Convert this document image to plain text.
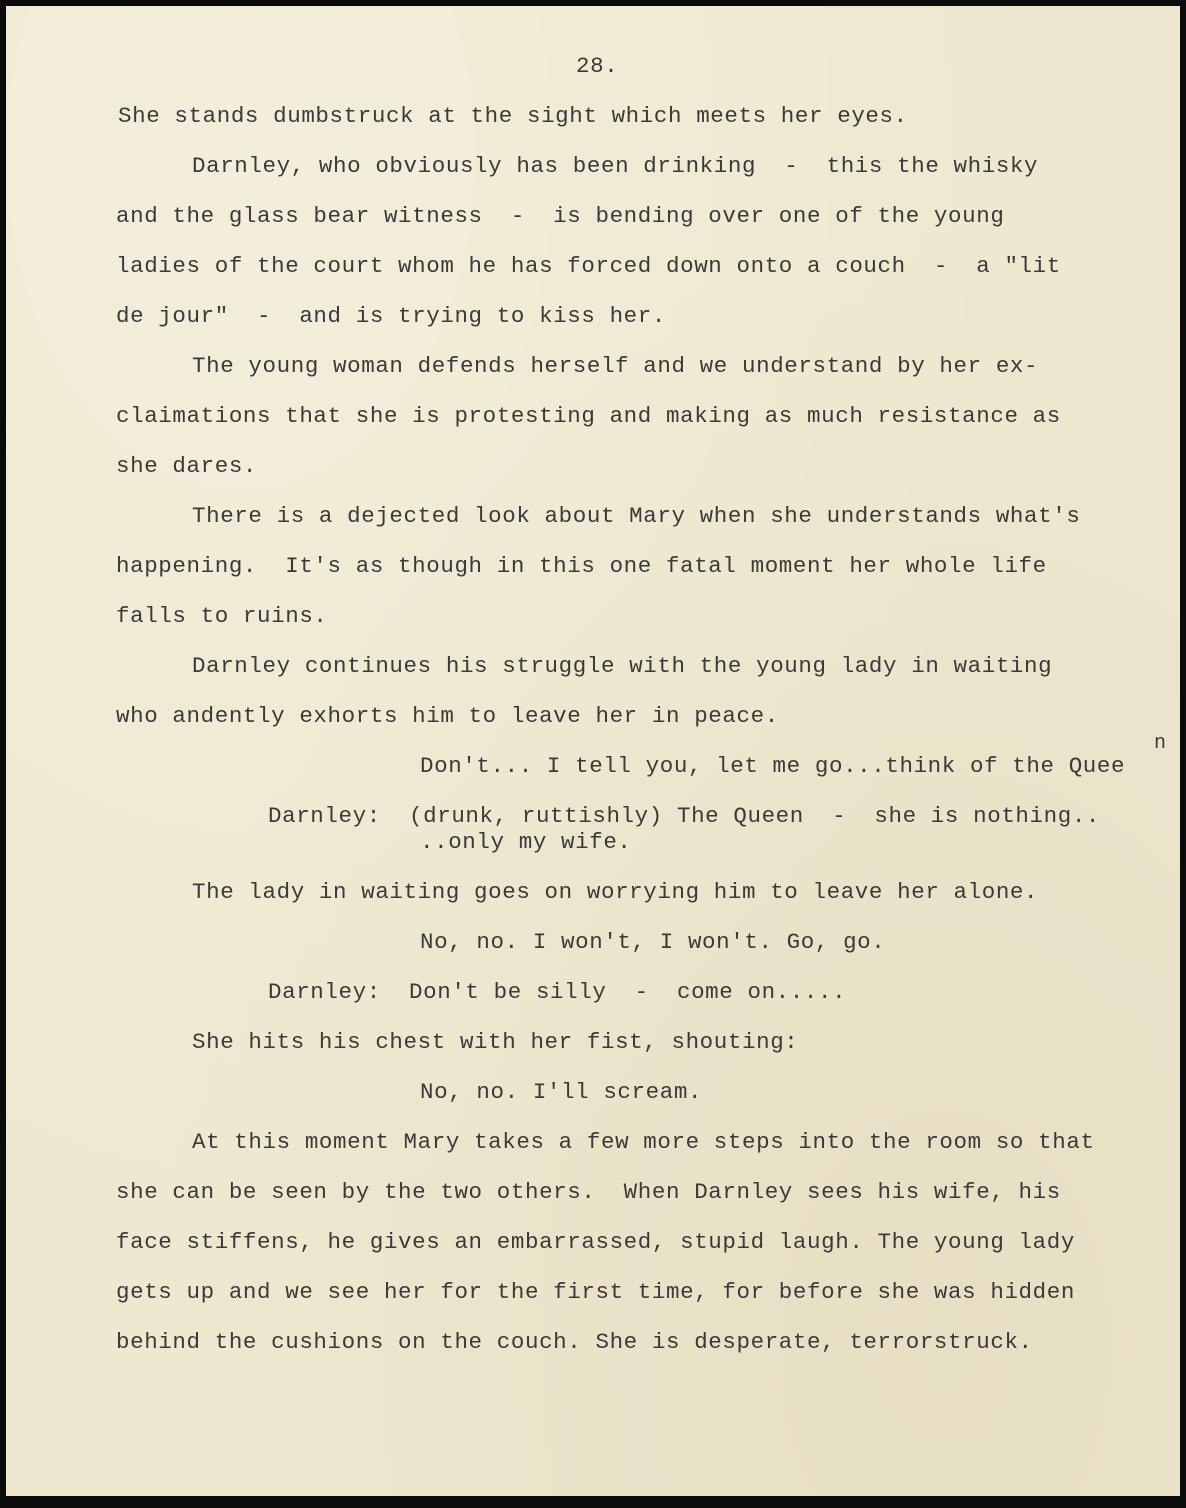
28.
She stands dumbstruck at the sight which meets her eyes.
Darnley, who obviously has been drinking  -  this the whisky
and the glass bear witness  -  is bending over one of the young
ladies of the court whom he has forced down onto a couch  -  a "lit
de jour"  -  and is trying to kiss her.
The young woman defends herself and we understand by her ex-
claimations that she is protesting and making as much resistance as
she dares.
There is a dejected look about Mary when she understands what's
happening.  It's as though in this one fatal moment her whole life
falls to ruins.
Darnley continues his struggle with the young lady in waiting
who andently exhorts him to leave her in peace.
n
Don't... I tell you, let me go...think of the Quee
Darnley:  (drunk, ruttishly) The Queen  -  she is nothing..
..only my wife.
The lady in waiting goes on worrying him to leave her alone.
No, no. I won't, I won't. Go, go.
Darnley:  Don't be silly  -  come on.....
She hits his chest with her fist, shouting:
No, no. I'll scream.
At this moment Mary takes a few more steps into the room so that
she can be seen by the two others.  When Darnley sees his wife, his
face stiffens, he gives an embarrassed, stupid laugh. The young lady
gets up and we see her for the first time, for before she was hidden
behind the cushions on the couch. She is desperate, terrorstruck.
